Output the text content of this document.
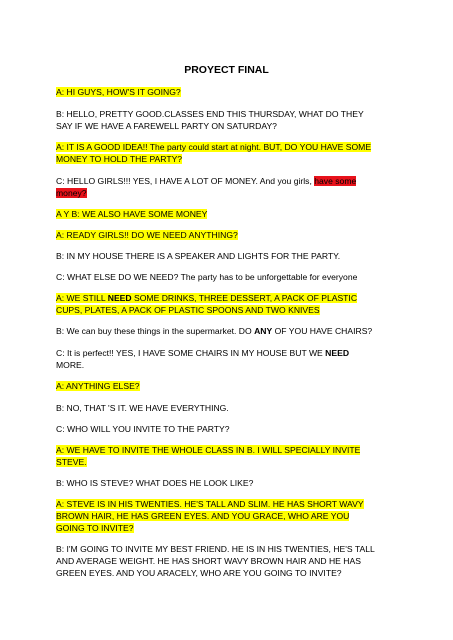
PROYECT FINAL
A: HI GUYS, HOW'S IT GOING?
B: HELLO, PRETTY GOOD.CLASSES END THIS THURSDAY, WHAT DO THEY
SAY IF WE HAVE A FAREWELL PARTY ON SATURDAY?
A: IT IS A GOOD IDEA!! The party could start at night. BUT, DO YOU HAVE SOME
MONEY TO HOLD THE PARTY?
C: HELLO GIRLS!!! YES, I HAVE A LOT OF MONEY. And you girls, have some
money?
A Y B: WE ALSO HAVE SOME MONEY
A: READY GIRLS!! DO WE NEED ANYTHING?
B: IN MY HOUSE THERE IS A SPEAKER AND LIGHTS FOR THE PARTY.
C: WHAT ELSE DO WE NEED? The party has to be unforgettable for everyone
A: WE STILL NEED SOME DRINKS, THREE DESSERT, A PACK OF PLASTIC
CUPS, PLATES, A PACK OF PLASTIC SPOONS AND TWO KNIVES
B: We can buy these things in the supermarket. DO ANY OF YOU HAVE CHAIRS?
C: It is perfect!! YES, I HAVE SOME CHAIRS IN MY HOUSE BUT WE NEED
MORE.
A: ANYTHING ELSE?
B: NO, THAT 'S IT. WE HAVE EVERYTHING.
C: WHO WILL YOU INVITE TO THE PARTY?
A: WE HAVE TO INVITE THE WHOLE CLASS IN B. I WILL SPECIALLY INVITE
STEVE.
B: WHO IS STEVE? WHAT DOES HE LOOK LIKE?
A: STEVE IS IN HIS TWENTIES. HE'S TALL AND SLIM. HE HAS SHORT WAVY
BROWN HAIR, HE HAS GREEN EYES. AND YOU GRACE, WHO ARE YOU
GOING TO INVITE?
B: I'M GOING TO INVITE MY BEST FRIEND. HE IS IN HIS TWENTIES, HE'S TALL
AND AVERAGE WEIGHT. HE HAS SHORT WAVY BROWN HAIR AND HE HAS
GREEN EYES. AND YOU ARACELY, WHO ARE YOU GOING TO INVITE?
